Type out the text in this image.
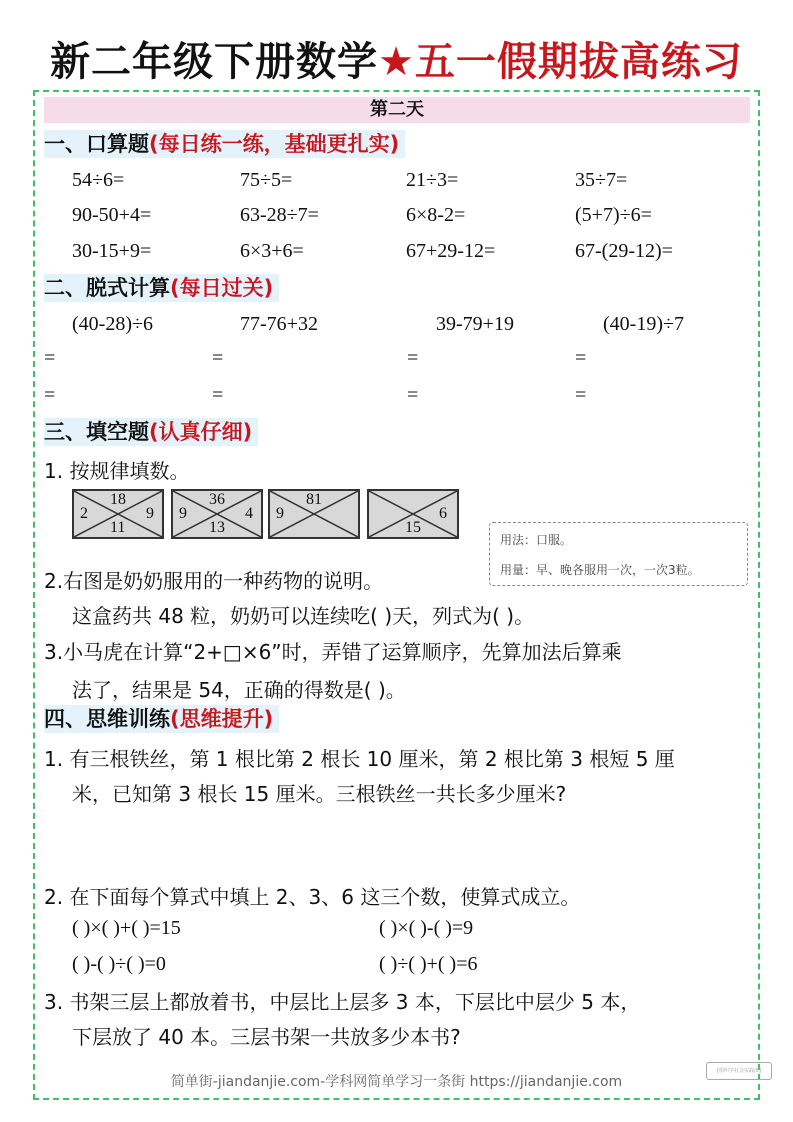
新二年级下册数学★五一假期拔高练习
第二天
一、口算题(每日练一练，基础更扎实)
54÷6=	75÷5=	21÷3=	35÷7=
90-50+4=	63-28÷7=	6×8-2=	(5+7)÷6=
30-15+9=	6×3+6=	67+29-12=	67-(29-12)=
二、脱式计算(每日过关)
(40-28)÷6	77-76+32	39-79+19	(40-19)÷7
=	=	=	=
=	=	=	=
三、填空题(认真仔细)
1. 按规律填数。
18
2	9
11
36
9	4
13
81
9	6
15
用法：口服。
用量：早、晚各服用一次，一次3粒。
2.右图是奶奶服用的一种药物的说明。
这盒药共 48 粒，奶奶可以连续吃( )天，列式为( )。
3.小马虎在计算“2+□×6”时，弄错了运算顺序，先算加法后算乘
法了，结果是 54，正确的得数是( )。
四、思维训练(思维提升)
1. 有三根铁丝，第 1 根比第 2 根长 10 厘米，第 2 根比第 3 根短 5 厘
米，已知第 3 根长 15 厘米。三根铁丝一共长多少厘米?
2. 在下面每个算式中填上 2、3、6 这三个数，使算式成立。
( )×( )+( )=15	( )×( )-( )=9
( )-( )÷( )=0	( )÷( )+( )=6
3. 书架三层上都放着书，中层比上层多 3 本，下层比中层少 5 本，
下层放了 40 本。三层书架一共放多少本书?
[组织学社会实践部]
简单街-jiandanjie.com-学科网简单学习一条街 https://jiandanjie.com
